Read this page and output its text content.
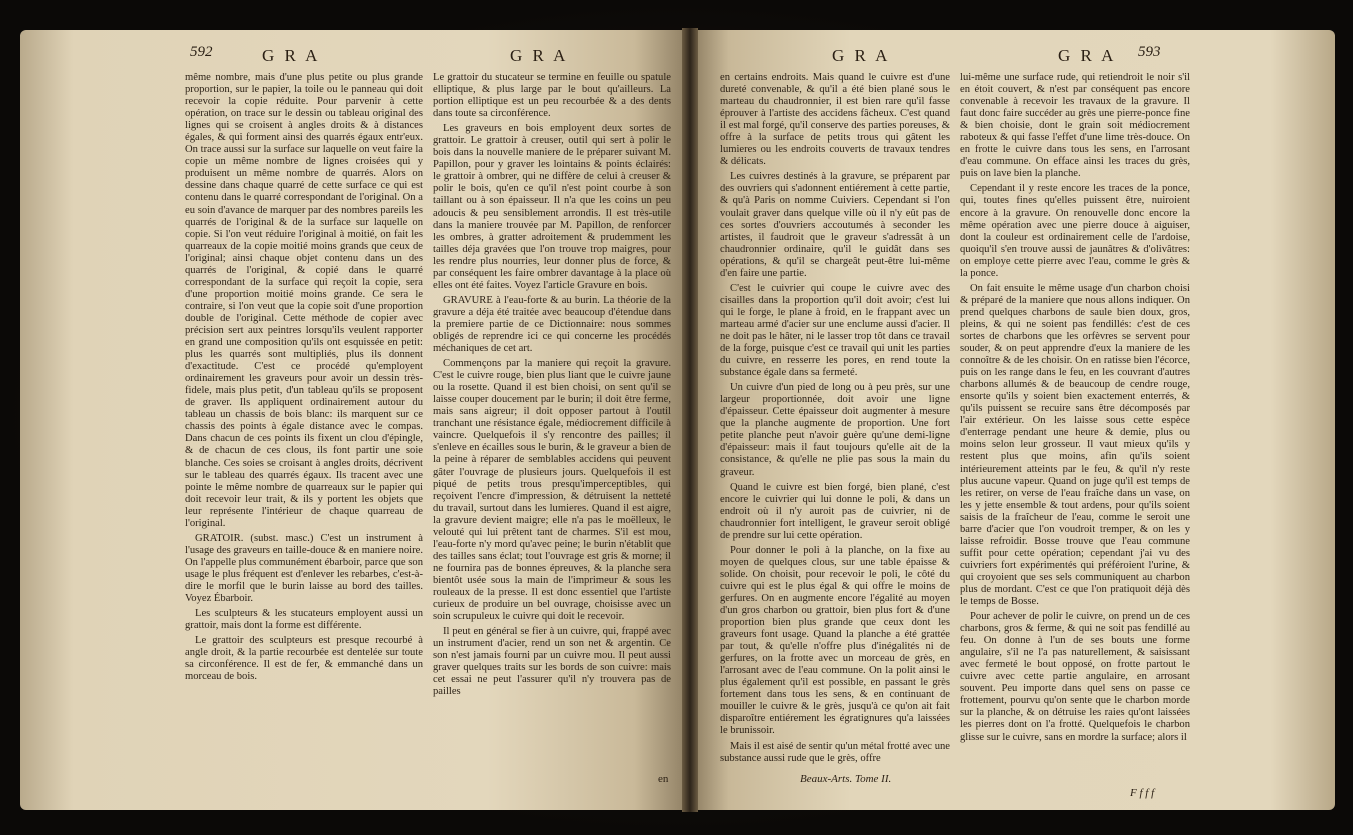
592	G R A	G R A

même nombre, mais d'une plus petite ou plus grande proportion, sur le papier, la toile ou le panneau qui doit recevoir la copie réduite. Pour parvenir à cette opération, on trace sur le dessin ou tableau original des lignes qui se croisent à angles droits & à distances égales, & qui forment ainsi des quarrés égaux entr'eux. On trace aussi sur la surface sur laquelle on veut faire la copie un même nombre de lignes croisées qui y produisent un même nombre de quarrés. Alors on dessine dans chaque quarré de cette surface ce qui est contenu dans le quarré correspondant de l'original. On a eu soin d'avance de marquer par des nombres pareils les quarrés de l'original & de la surface sur laquelle on copie. Si l'on veut réduire l'original à moitié, on fait les quarreaux de la copie moitié moins grands que ceux de l'original; ainsi chaque objet contenu dans un des quarrés de l'original, & copié dans le quarré correspondant de la surface qui reçoit la copie, sera d'une proportion moitié moins grande. Ce sera le contraire, si l'on veut que la copie soit d'une proportion double de l'original. Cette méthode de copier avec précision sert aux peintres lorsqu'ils veulent rapporter en grand une composition qu'ils ont esquissée en petit: plus les quarrés sont multipliés, plus ils donnent d'exactitude. C'est ce procédé qu'employent ordinairement les graveurs pour avoir un dessin très-fidele, mais plus petit, d'un tableau qu'ils se proposent de graver. Ils appliquent ordinairement autour du tableau un chassis de bois blanc: ils marquent sur ce chassis des points à égale distance avec le compas. Dans chacun de ces points ils fixent un clou d'épingle, & de chacun de ces clous, ils font partir une soie blanche. Ces soies se croisant à angles droits, décrivent sur le tableau des quarrés égaux. Ils tracent avec une pointe le même nombre de quarreaux sur le papier qui doit recevoir leur trait, & ils y portent les objets que leur représente l'intérieur de chaque quarreau de l'original.

GRATOIR. (subst. masc.) C'est un instrument à l'usage des graveurs en taille-douce & en maniere noire. On l'appelle plus communément ébarboir, parce que son usage le plus fréquent est d'enlever les rebarbes, c'est-à-dire le morfil que le burin laisse au bord des tailles. Voyez Ébarboir.

Les sculpteurs & les stucateurs employent aussi un grattoir, mais dont la forme est différente.

Le grattoir des sculpteurs est presque recourbé à angle droit, & la partie recourbée est dentelée sur toute sa circonférence. Il est de fer, & emmanché dans un morceau de bois.

Le grattoir du stucateur se termine en feuille ou spatule elliptique, & plus large par le bout qu'ailleurs. La portion elliptique est un peu recourbée & a des dents dans toute sa circonférence.

Les graveurs en bois employent deux sortes de grattoir. Le grattoir à creuser, outil qui sert à polir le bois dans la nouvelle maniere de le préparer suivant M. Papillon, pour y graver les lointains & points éclairés: le grattoir à ombrer, qui ne diffère de celui à creuser & polir le bois, qu'en ce qu'il n'est point courbe à son taillant ou à son épaisseur. Il n'a que les coins un peu adoucis & peu sensiblement arrondis. Il est très-utile dans la maniere trouvée par M. Papillon, de renforcer les ombres, à gratter adroitement & prudemment les tailles déja gravées que l'on trouve trop maigres, pour les rendre plus nourries, leur donner plus de force, & par conséquent les faire ombrer davantage à la place où elles ont été faites. Voyez l'article Gravure en bois.

GRAVURE à l'eau-forte & au burin. La théorie de la gravure a déja été traitée avec beaucoup d'étendue dans la premiere partie de ce Dictionnaire: nous sommes obligés de reprendre ici ce qui concerne les procédés méchaniques de cet art.

Commençons par la maniere qui reçoit la gravure. C'est le cuivre rouge, bien plus liant que le cuivre jaune ou la rosette. Quand il est bien choisi, on sent qu'il se laisse couper doucement par le burin; il doit être ferme, mais sans aigreur; il doit opposer partout à l'outil tranchant une résistance égale, médiocrement difficile à vaincre. Quelquefois il s'y rencontre des pailles; il s'enleve en écailles sous le burin, & le graveur a bien de la peine à réparer de semblables accidens qui peuvent gâter l'ouvrage de plusieurs jours. Quelquefois il est piqué de petits trous presqu'imperceptibles, qui reçoivent l'encre d'impression, & détruisent la netteté du travail, surtout dans les lumieres. Quand il est aigre, la gravure devient maigre; elle n'a pas le moëlleux, le velouté qui lui prêtent tant de charmes. S'il est mou, l'eau-forte n'y mord qu'avec peine; le burin n'établit que des tailles sans éclat; tout l'ouvrage est gris & morne; il ne fournira pas de bonnes épreuves, & la planche sera bientôt usée sous la main de l'imprimeur & sous les rouleaux de la presse. Il est donc essentiel que l'artiste curieux de produire un bel ouvrage, choisisse avec un soin scrupuleux le cuivre qui doit le recevoir.

Il peut en général se fier à un cuivre, qui, frappé avec un instrument d'acier, rend un son net & argentin. Ce son n'est jamais fourni par un cuivre mou. Il peut aussi graver quelques traits sur les bords de son cuivre: mais cet essai ne peut l'assurer qu'il n'y trouvera pas de pailles

en
G R A	G R A 593

en certains endroits. Mais quand le cuivre est d'une dureté convenable, & qu'il a été bien plané sous le marteau du chaudronnier, il est bien rare qu'il fasse éprouver à l'artiste des accidens fâcheux. C'est quand il est mal forgé, qu'il conserve des parties poreuses, & offre à la surface de petits trous qui gâtent les lumieres ou les endroits couverts de travaux tendres & délicats.

Les cuivres destinés à la gravure, se préparent par des ouvriers qui s'adonnent entiérement à cette partie, & qu'à Paris on nomme Cuiviers. Cependant si l'on voulait graver dans quelque ville où il n'y eût pas de ces sortes d'ouvriers accoutumés à seconder les artistes, il faudroit que le graveur s'adressât à un chaudronnier ordinaire, qu'il le guidât dans ses opérations, & qu'il se chargeât peut-être lui-même d'en faire une partie.

C'est le cuivrier qui coupe le cuivre avec des cisailles dans la proportion qu'il doit avoir; c'est lui qui le forge, le plane à froid, en le frappant avec un marteau armé d'acier sur une enclume aussi d'acier. Il ne doit pas le hâter, ni le lasser trop tôt dans ce travail de la forge, puisque c'est ce travail qui unit les parties du cuivre, en resserre les pores, en rend toute la substance égale dans sa fermeté.

Un cuivre d'un pied de long ou à peu près, sur une largeur proportionnée, doit avoir une ligne d'épaisseur. Cette épaisseur doit augmenter à mesure que la planche augmente de proportion. Une fort petite planche peut n'avoir guère qu'une demi-ligne d'épaisseur: mais il faut toujours qu'elle ait de la consistance, & qu'elle ne plie pas sous la main du graveur.

Quand le cuivre est bien forgé, bien plané, c'est encore le cuivrier qui lui donne le poli, & dans un endroit où il n'y auroit pas de cuivrier, ni de chaudronnier fort intelligent, le graveur seroit obligé de prendre sur lui cette opération.

Pour donner le poli à la planche, on la fixe au moyen de quelques clous, sur une table épaisse & solide. On choisit, pour recevoir le poli, le côté du cuivre qui est le plus égal & qui offre le moins de gerfures. On en augmente encore l'égalité au moyen d'un gros charbon ou grattoir, bien plus fort & d'une proportion bien plus grande que ceux dont les graveurs font usage. Quand la planche a été grattée par tout, & qu'elle n'offre plus d'inégalités ni de gerfures, on la frotte avec un morceau de grès, en l'arrosant avec de l'eau commune. On la polit ainsi le plus également qu'il est possible, en passant le grès fortement dans tous les sens, & en continuant de mouiller le cuivre & le grès, jusqu'à ce qu'on ait fait disparoître entiérement les égratignures qu'a laissées le brunissoir.

Mais il est aisé de sentir qu'un métal frotté avec une substance aussi rude que le grès, offre

lui-même une surface rude, qui retiendroit le noir s'il en étoit couvert, & n'est par conséquent pas encore convenable à recevoir les travaux de la gravure. Il faut donc faire succéder au grès une pierre-ponce fine & bien choisie, dont le grain soit médiocrement raboteux & qui fasse l'effet d'une lime très-douce. On en frotte le cuivre dans tous les sens, en l'arrosant d'eau commune. On efface ainsi les traces du grès, puis on lave bien la planche.

Cependant il y reste encore les traces de la ponce, qui, toutes fines qu'elles puissent être, nuiroient encore à la gravure. On renouvelle donc encore la même opération avec une pierre douce à aiguiser, dont la couleur est ordinairement celle de l'ardoise, quoiqu'il s'en trouve aussi de jaunâtres & d'olivâtres: on employe cette pierre avec l'eau, comme le grès & la ponce.

On fait ensuite le même usage d'un charbon choisi & préparé de la maniere que nous allons indiquer. On prend quelques charbons de saule bien doux, gros, pleins, & qui ne soient pas fendillés: c'est de ces sortes de charbons que les orfèvres se servent pour souder, & on peut apprendre d'eux la maniere de les connoître & de les choisir. On en ratisse bien l'écorce, puis on les range dans le feu, en les couvrant d'autres charbons allumés & de beaucoup de cendre rouge, ensorte qu'ils y soient bien exactement enterrés, & qu'ils puissent se recuire sans être décomposés par l'air extérieur. On les laisse sous cette espèce d'enterrage pendant une heure & demie, plus ou moins selon leur grosseur. Il vaut mieux qu'ils y restent plus que moins, afin qu'ils soient intérieurement atteints par le feu, & qu'il n'y reste plus aucune vapeur. Quand on juge qu'il est temps de les retirer, on verse de l'eau fraîche dans un vase, on les y jette ensemble & tout ardens, pour qu'ils soient saisis de la fraîcheur de l'eau, comme le seroit une barre d'acier que l'on voudroit tremper, & on les y laisse refroidir. Bosse trouve que l'eau commune suffit pour cette opération; cependant j'ai vu des cuivriers fort expérimentés qui préféroient l'urine, & qui croyoient que ses sels communiquent au charbon plus de mordant. C'est ce que l'on pratiquoit déjà dès le temps de Bosse.

Pour achever de polir le cuivre, on prend un de ces charbons, gros & ferme, & qui ne soit pas fendillé au feu. On donne à l'un de ses bouts une forme angulaire, s'il ne l'a pas naturellement, & saisissant avec fermeté le bout opposé, on frotte partout le cuivre avec cette partie angulaire, en arrosant souvent. Peu importe dans quel sens on passe ce frottement, pourvu qu'on sente que le charbon morde sur la planche, & on détruise les raies qu'ont laissées les pierres dont on l'a frotté. Quelquefois le charbon glisse sur le cuivre, sans en mordre la surface; alors il

Beaux-Arts. Tome II.
F f f f
